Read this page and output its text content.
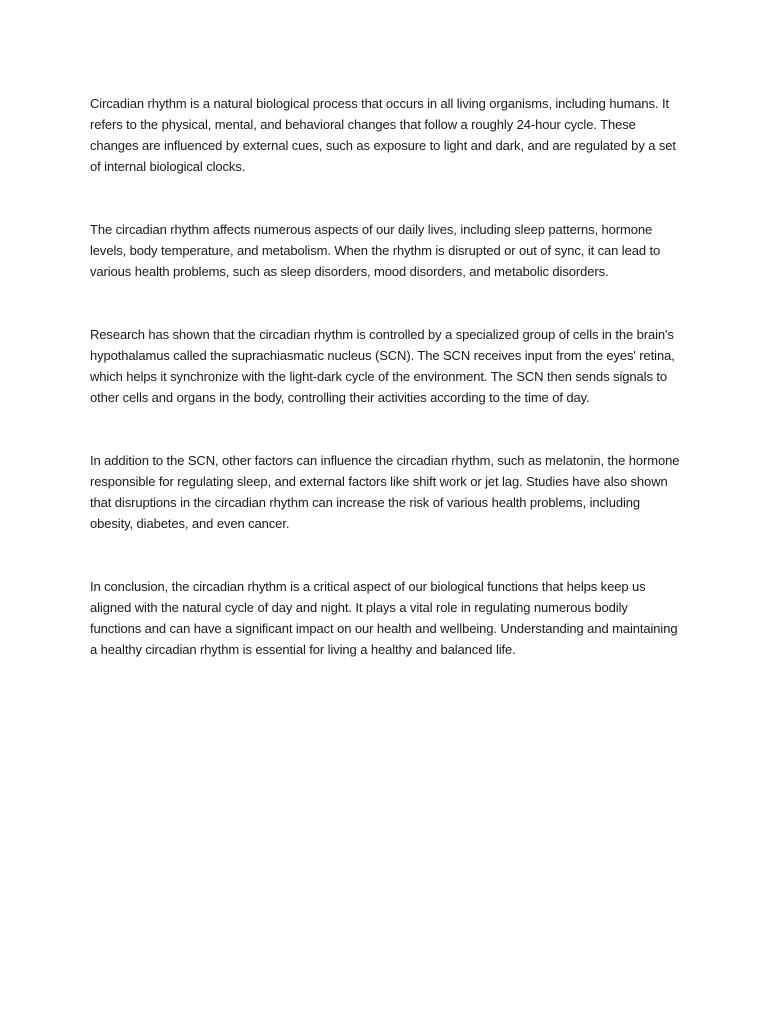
Circadian rhythm is a natural biological process that occurs in all living organisms, including humans. It refers to the physical, mental, and behavioral changes that follow a roughly 24-hour cycle. These changes are influenced by external cues, such as exposure to light and dark, and are regulated by a set of internal biological clocks.

The circadian rhythm affects numerous aspects of our daily lives, including sleep patterns, hormone levels, body temperature, and metabolism. When the rhythm is disrupted or out of sync, it can lead to various health problems, such as sleep disorders, mood disorders, and metabolic disorders.

Research has shown that the circadian rhythm is controlled by a specialized group of cells in the brain's hypothalamus called the suprachiasmatic nucleus (SCN). The SCN receives input from the eyes' retina, which helps it synchronize with the light-dark cycle of the environment. The SCN then sends signals to other cells and organs in the body, controlling their activities according to the time of day.

In addition to the SCN, other factors can influence the circadian rhythm, such as melatonin, the hormone responsible for regulating sleep, and external factors like shift work or jet lag. Studies have also shown that disruptions in the circadian rhythm can increase the risk of various health problems, including obesity, diabetes, and even cancer.

In conclusion, the circadian rhythm is a critical aspect of our biological functions that helps keep us aligned with the natural cycle of day and night. It plays a vital role in regulating numerous bodily functions and can have a significant impact on our health and wellbeing. Understanding and maintaining a healthy circadian rhythm is essential for living a healthy and balanced life.
